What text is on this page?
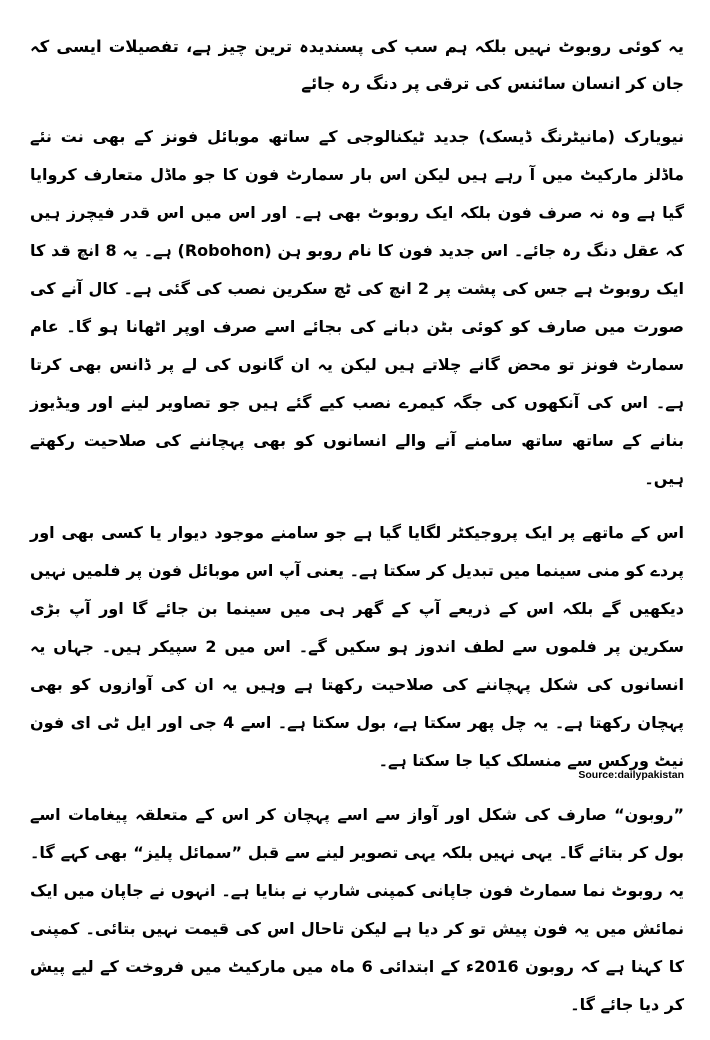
یہ کوئی روبوٹ نہیں بلکہ ہم سب کی پسندیدہ ترین چیز ہے، تفصیلات ایسی کہ جان کر انسان سائنس کی ترقی پر دنگ رہ جائے

نیویارک (مانیٹرنگ ڈیسک) جدید ٹیکنالوجی کے ساتھ موبائل فونز کے بھی نت نئے ماڈلز مارکیٹ میں آ رہے ہیں لیکن اس بار سمارٹ فون کا جو ماڈل متعارف کروایا گیا ہے وہ نہ صرف فون بلکہ ایک روبوٹ بھی ہے۔ اور اس میں اس قدر فیچرز ہیں کہ عقل دنگ رہ جائے۔ اس جدید فون کا نام روبو ہن (Robohon) ہے۔ یہ 8 انچ قد کا ایک روبوٹ ہے جس کی پشت پر 2 انچ کی ٹچ سکرین نصب کی گئی ہے۔ کال آنے کی صورت میں صارف کو کوئی بٹن دبانے کی بجائے اسے صرف اوپر اٹھانا ہو گا۔ عام سمارٹ فونز تو محض گانے چلاتے ہیں لیکن یہ ان گانوں کی لے پر ڈانس بھی کرتا ہے۔ اس کی آنکھوں کی جگہ کیمرے نصب کیے گئے ہیں جو تصاویر لینے اور ویڈیوز بنانے کے ساتھ ساتھ سامنے آنے والے انسانوں کو بھی پہچاننے کی صلاحیت رکھتے ہیں۔

اس کے ماتھے پر ایک پروجیکٹر لگایا گیا ہے جو سامنے موجود دیوار یا کسی بھی اور پردے کو منی سینما میں تبدیل کر سکتا ہے۔ یعنی آپ اس موبائل فون پر فلمیں نہیں دیکھیں گے بلکہ اس کے ذریعے آپ کے گھر ہی میں سینما بن جائے گا اور آپ بڑی سکرین پر فلموں سے لطف اندوز ہو سکیں گے۔ اس میں 2 سپیکر ہیں۔ جہاں یہ انسانوں کی شکل پہچاننے کی صلاحیت رکھتا ہے وہیں یہ ان کی آوازوں کو بھی پہچان رکھتا ہے۔ یہ چل پھر سکتا ہے، بول سکتا ہے۔ اسے 4 جی اور ایل ٹی ای فون نیٹ ورکس سے منسلک کیا جا سکتا ہے۔

”روبون“ صارف کی شکل اور آواز سے اسے پہچان کر اس کے متعلقہ پیغامات اسے بول کر بتائے گا۔ یہی نہیں بلکہ یہی تصویر لینے سے قبل ”سمائل پلیز“ بھی کہے گا۔ یہ روبوٹ نما سمارٹ فون جاپانی کمپنی شارپ نے بنایا ہے۔ انہوں نے جاپان میں ایک نمائش میں یہ فون پیش تو کر دیا ہے لیکن تاحال اس کی قیمت نہیں بتائی۔ کمپنی کا کہنا ہے کہ روبون 2016ء کے ابتدائی 6 ماہ میں مارکیٹ میں فروخت کے لیے پیش کر دیا جائے گا۔

Source:dailypakistan
